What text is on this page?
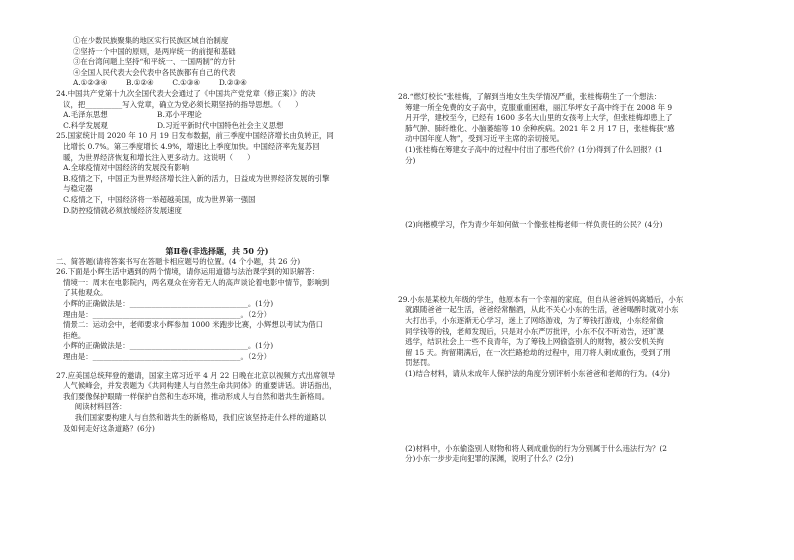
①在少数民族聚集的地区实行民族区域自治制度

②坚持一个中国的原则，是两岸统一的前提和基础

③在台湾问题上坚持“和平统一、一国两制”的方针

④全国人民代表大会代表中各民族都有自己的代表

A.①②③④        B.①②④        C.①③④        D.②③④

24.中国共产党第十九次全国代表大会通过了《中国共产党党章（修正案）》的决

议，把__________写入党章，确立为党必须长期坚持的指导思想。（      ）

A.毛泽东思想                     B.邓小平理论

C.科学发展观                     D.习近平新时代中国特色社会主义思想

25.国家统计局 2020 年 10 月 19 日发布数据，前三季度中国经济增长由负转正，同

比增长 0.7%。第三季度增长 4.9%，增速比上季度加快。中国经济率先复苏回

暖，为世界经济恢复和增长注入更多动力。这说明（      ）

A.全球疫情对中国经济的发展没有影响

B.疫情之下，中国正为世界经济增长注入新的活力，日益成为世界经济发展的引擎

与稳定器

C.疫情之下，中国经济将一举超越美国，成为世界第一强国

D.防控疫情就必须放缓经济发展速度

第Ⅱ卷(非选择题，共 50 分)

二、简答题(请将答案书写在答题卡相应题号的位置。(4 个小题，共 26 分)

26.下面是小辉生活中遇到的两个情境，请你运用道德与法治课学到的知识解答：

情境一：周末在电影院内，两名观众在旁若无人的高声谈论着电影中情节，影响到

了其他观众。

小辉的正确做法是：________________________________。(1分)

理由是：________________________________________。（2分）

情景二：运动会中，老师要求小辉参加 1000 米跑步比赛，小辉想以考试为借口

拒绝。

小辉的正确做法是：________________________________。(1分)

理由是：________________________________________。（2分）

27.应美国总统拜登的邀请，国家主席习近平 4 月 22 日晚在北京以视频方式出席领导

人气候峰会，并发表题为《共同构建人与自然生命共同体》的重要讲话。讲话指出，

我们要像保护眼睛一样保护自然和生态环境，推动形成人与自然和谐共生新格局。

阅读材料回答：

我们国家要构建人与自然和谐共生的新格局，我们应该坚持走什么样的道路以

及如何走好这条道路？(6分)

28.“燃灯校长”张桂梅，了解到当地女生失学情况严重，张桂梅萌生了一个想法：

筹建一所全免费的女子高中，克服重重困难，丽江华坪女子高中终于在 2008 年 9

月开学，建校至今，已经有 1600 多名大山里的女孩考上大学，但张桂梅却患上了

肺气肿、肺纤维化、小脑萎缩等 10 余种疾病。2021 年 2 月 17 日，张桂梅获“感

动中国年度人物”，受到习近平主席的亲切接见。

(1)张桂梅在筹建女子高中的过程中付出了那些代价？(1分)得到了什么回报？(1

分)

(2)向楷模学习，作为青少年如何做一个像张桂梅老师一样负责任的公民？(4分)

29.小东是某校九年级的学生，他原本有一个幸福的家庭，但自从爸爸妈妈离婚后，小东

就跟随爸爸一起生活，爸爸经常酗酒，从此不关心小东的生活，爸爸喝醉时就对小东

大打出手，小东逐渐无心学习，迷上了网络游戏，为了筹钱打游戏，小东经常偷

同学钱等的钱，老师发现后，只是对小东严厉批评，小东不仅不听劝告，还旷课

逃学，结识社会上一些不良青年，为了筹钱上网偷盗别人的财物，被公安机关拘

留 15 天。拘留期满后，在一次拦路抢劫的过程中，用刀将人刺成重伤，受到了刑

罚惩罚。

(1)结合材料，请从未成年人保护法的角度分别评析小东爸爸和老师的行为。(4分)

(2)材料中，小东偷盗别人财物和将人刺成重伤的行为分别属于什么违法行为？(2

分)小东一步步走向犯罪的深渊，说明了什么？(2分)
